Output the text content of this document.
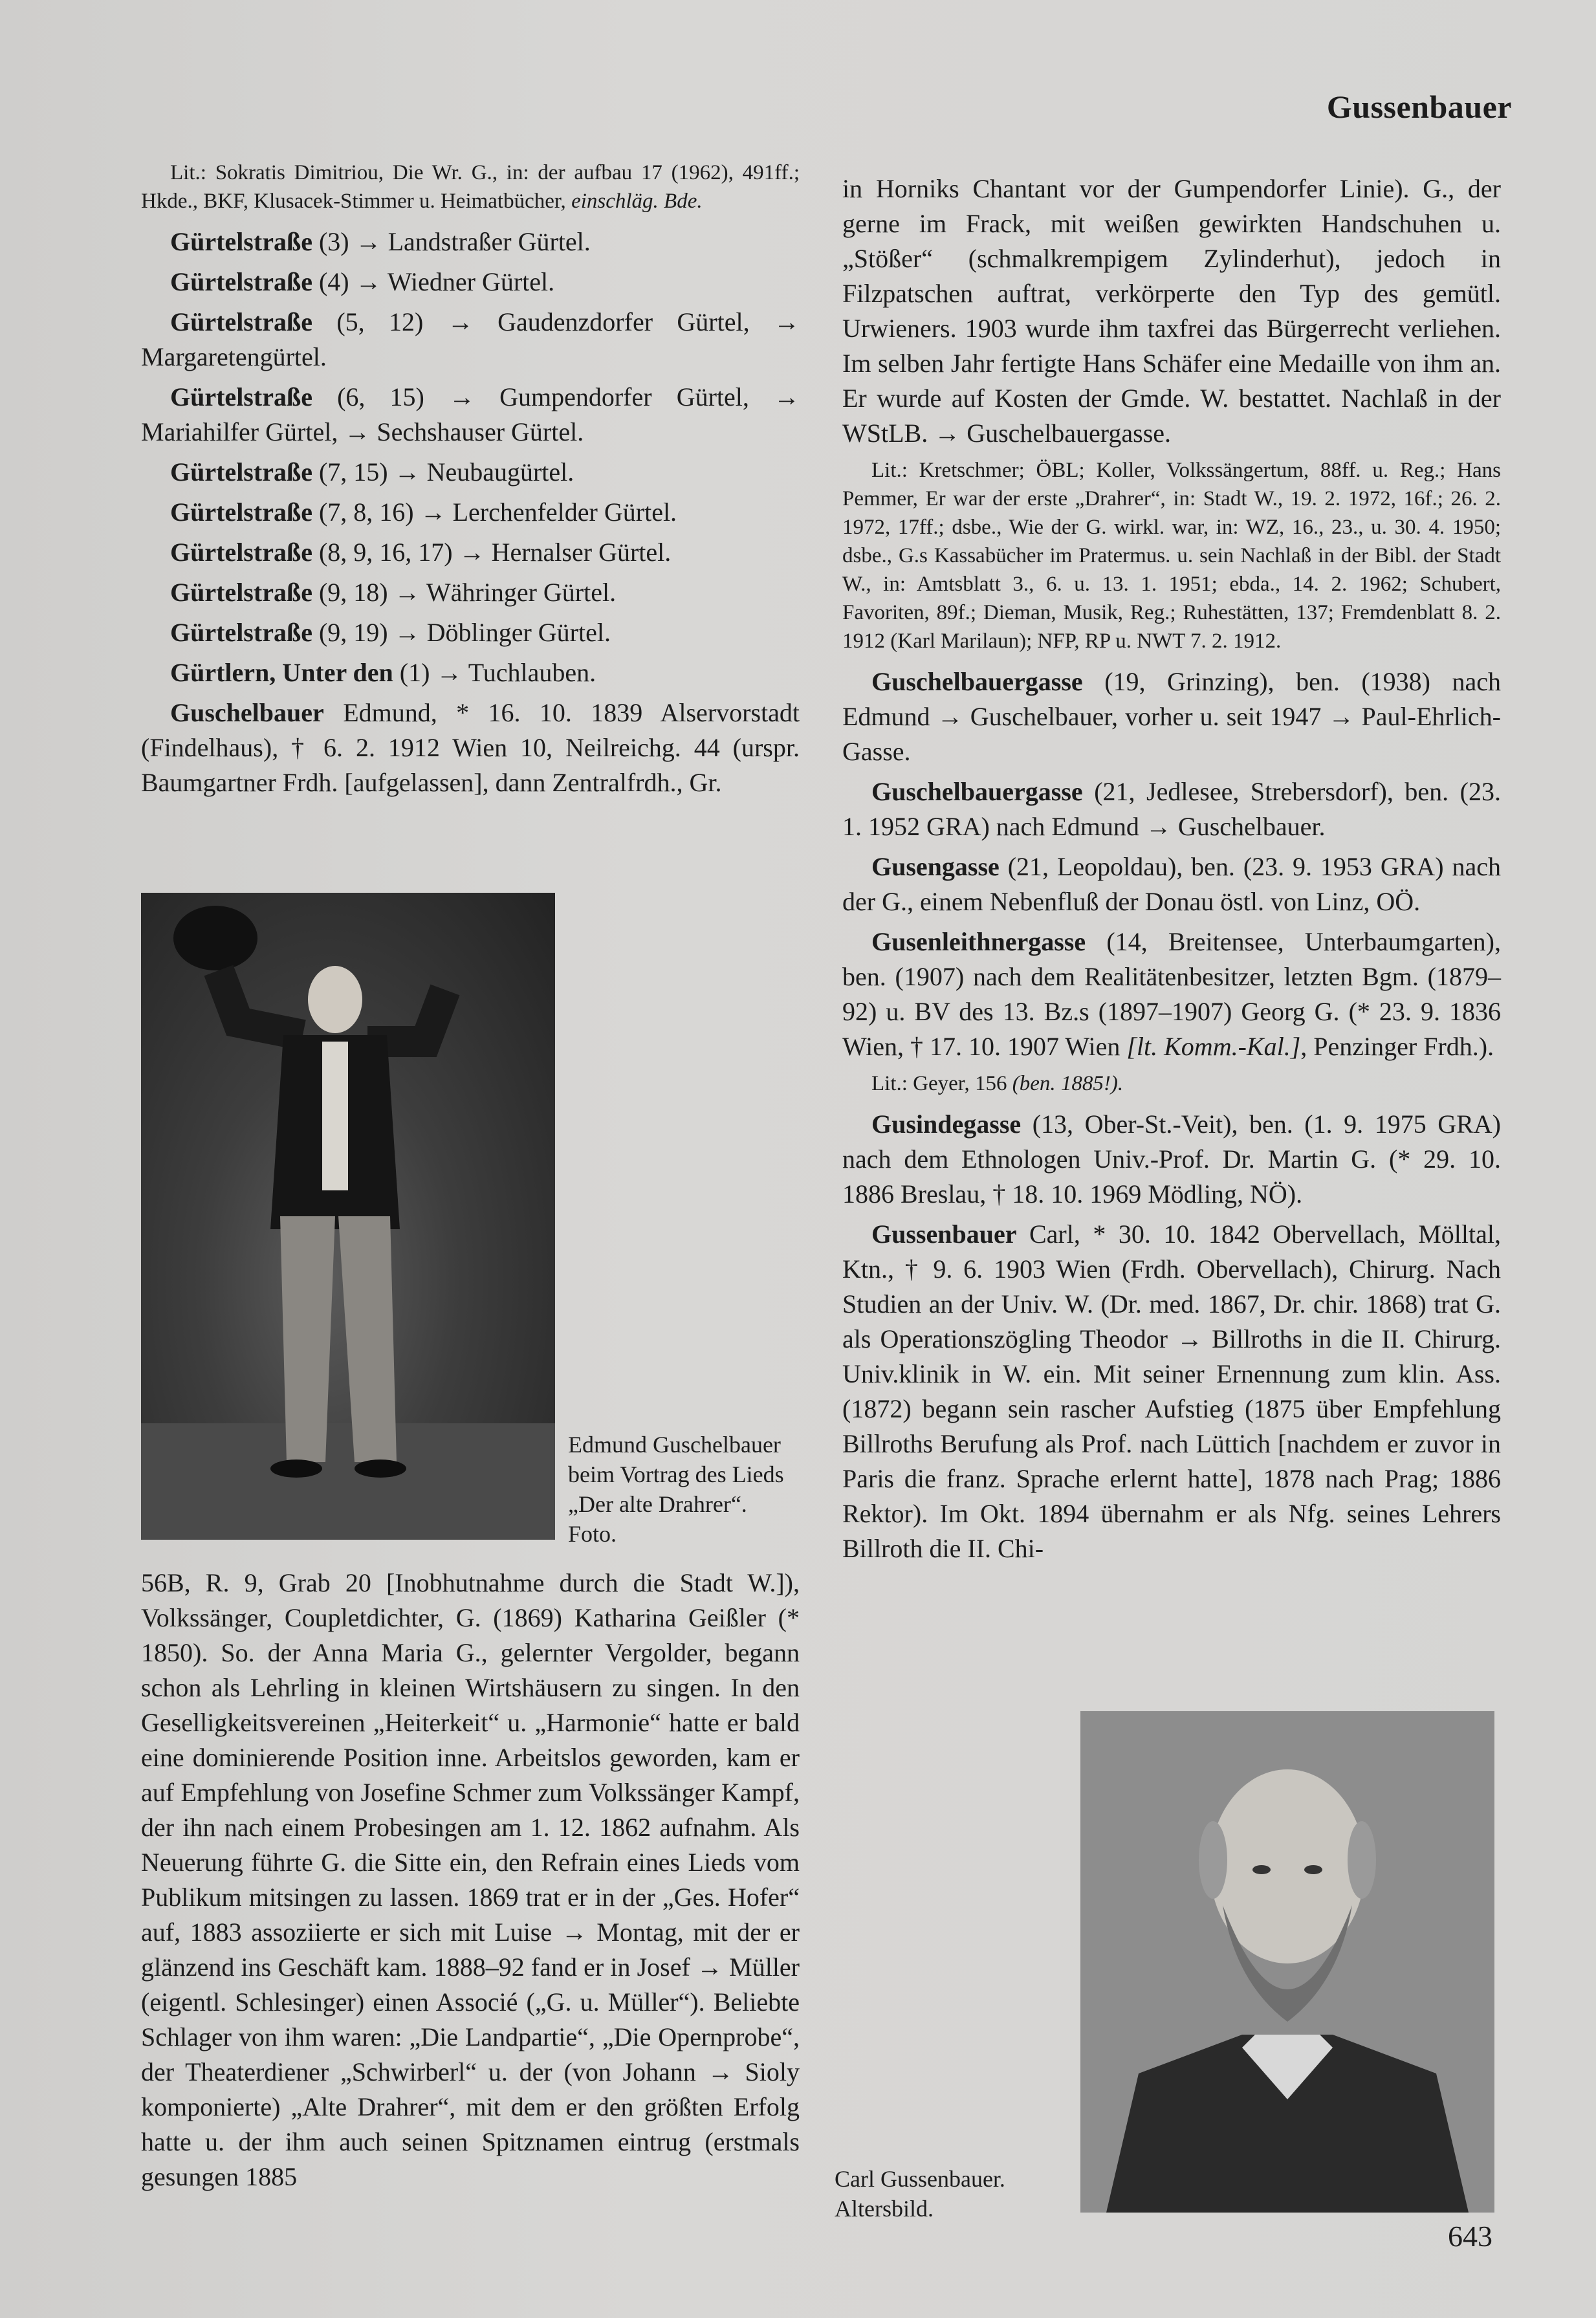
Gussenbauer

Lit.: Sokratis Dimitriou, Die Wr. G., in: der aufbau 17 (1962), 491ff.; Hkde., BKF, Klusacek-Stimmer u. Heimatbücher, einschläg. Bde.

Gürtelstraße (3) → Landstraßer Gürtel.

Gürtelstraße (4) → Wiedner Gürtel.

Gürtelstraße (5, 12) → Gaudenzdorfer Gürtel, → Margaretengürtel.

Gürtelstraße (6, 15) → Gumpendorfer Gürtel, → Mariahilfer Gürtel, → Sechshauser Gürtel.

Gürtelstraße (7, 15) → Neubaugürtel.

Gürtelstraße (7, 8, 16) → Lerchenfelder Gürtel.

Gürtelstraße (8, 9, 16, 17) → Hernalser Gürtel.

Gürtelstraße (9, 18) → Währinger Gürtel.

Gürtelstraße (9, 19) → Döblinger Gürtel.

Gürtlern, Unter den (1) → Tuchlauben.

Guschelbauer Edmund, * 16. 10. 1839 Alservorstadt (Findelhaus), † 6. 2. 1912 Wien 10, Neilreichg. 44 (urspr. Baumgartner Frdh. [aufgelassen], dann Zentralfrdh., Gr.

Edmund Guschelbauer beim Vortrag des Lieds „Der alte Drahrer“. Foto.

56B, R. 9, Grab 20 [Inobhutnahme durch die Stadt W.]), Volkssänger, Coupletdichter, G. (1869) Katharina Geißler (* 1850). So. der Anna Maria G., gelernter Vergolder, begann schon als Lehrling in kleinen Wirtshäusern zu singen. In den Geselligkeitsvereinen „Heiterkeit“ u. „Harmonie“ hatte er bald eine dominierende Position inne. Arbeitslos geworden, kam er auf Empfehlung von Josefine Schmer zum Volkssänger Kampf, der ihn nach einem Probesingen am 1. 12. 1862 aufnahm. Als Neuerung führte G. die Sitte ein, den Refrain eines Lieds vom Publikum mitsingen zu lassen. 1869 trat er in der „Ges. Hofer“ auf, 1883 assoziierte er sich mit Luise → Montag, mit der er glänzend ins Geschäft kam. 1888–92 fand er in Josef → Müller (eigentl. Schlesinger) einen Associé („G. u. Müller“). Beliebte Schlager von ihm waren: „Die Landpartie“, „Die Opernprobe“, der Theaterdiener „Schwirberl“ u. der (von Johann → Sioly komponierte) „Alte Drahrer“, mit dem er den größten Erfolg hatte u. der ihm auch seinen Spitznamen eintrug (erstmals gesungen 1885

in Horniks Chantant vor der Gumpendorfer Linie). G., der gerne im Frack, mit weißen gewirkten Handschuhen u. „Stößer“ (schmalkrempigem Zylinderhut), jedoch in Filzpatschen auftrat, verkörperte den Typ des gemütl. Urwieners. 1903 wurde ihm taxfrei das Bürgerrecht verliehen. Im selben Jahr fertigte Hans Schäfer eine Medaille von ihm an. Er wurde auf Kosten der Gmde. W. bestattet. Nachlaß in der WStLB. → Guschelbauergasse.

Lit.: Kretschmer; ÖBL; Koller, Volkssängertum, 88ff. u. Reg.; Hans Pemmer, Er war der erste „Drahrer“, in: Stadt W., 19. 2. 1972, 16f.; 26. 2. 1972, 17ff.; dsbe., Wie der G. wirkl. war, in: WZ, 16., 23., u. 30. 4. 1950; dsbe., G.s Kassabücher im Pratermus. u. sein Nachlaß in der Bibl. der Stadt W., in: Amtsblatt 3., 6. u. 13. 1. 1951; ebda., 14. 2. 1962; Schubert, Favoriten, 89f.; Dieman, Musik, Reg.; Ruhestätten, 137; Fremdenblatt 8. 2. 1912 (Karl Marilaun); NFP, RP u. NWT 7. 2. 1912.

Guschelbauergasse (19, Grinzing), ben. (1938) nach Edmund → Guschelbauer, vorher u. seit 1947 → Paul-Ehrlich-Gasse.

Guschelbauergasse (21, Jedlesee, Strebersdorf), ben. (23. 1. 1952 GRA) nach Edmund → Guschelbauer.

Gusengasse (21, Leopoldau), ben. (23. 9. 1953 GRA) nach der G., einem Nebenfluß der Donau östl. von Linz, OÖ.

Gusenleithnergasse (14, Breitensee, Unterbaumgarten), ben. (1907) nach dem Realitätenbesitzer, letzten Bgm. (1879–92) u. BV des 13. Bz.s (1897–1907) Georg G. (* 23. 9. 1836 Wien, † 17. 10. 1907 Wien [lt. Komm.-Kal.], Penzinger Frdh.).

Lit.: Geyer, 156 (ben. 1885!).

Gusindegasse (13, Ober-St.-Veit), ben. (1. 9. 1975 GRA) nach dem Ethnologen Univ.-Prof. Dr. Martin G. (* 29. 10. 1886 Breslau, † 18. 10. 1969 Mödling, NÖ).

Gussenbauer Carl, * 30. 10. 1842 Obervellach, Mölltal, Ktn., † 9. 6. 1903 Wien (Frdh. Obervellach), Chirurg. Nach Studien an der Univ. W. (Dr. med. 1867, Dr. chir. 1868) trat G. als Operationszögling Theodor → Billroths in die II. Chirurg. Univ.klinik in W. ein. Mit seiner Ernennung zum klin. Ass. (1872) begann sein rascher Aufstieg (1875 über Empfehlung Billroths Berufung als Prof. nach Lüttich [nachdem er zuvor in Paris die franz. Sprache erlernt hatte], 1878 nach Prag; 1886 Rektor). Im Okt. 1894 übernahm er als Nfg. seines Lehrers Billroth die II. Chi-

Carl Gussenbauer. Altersbild.
643
